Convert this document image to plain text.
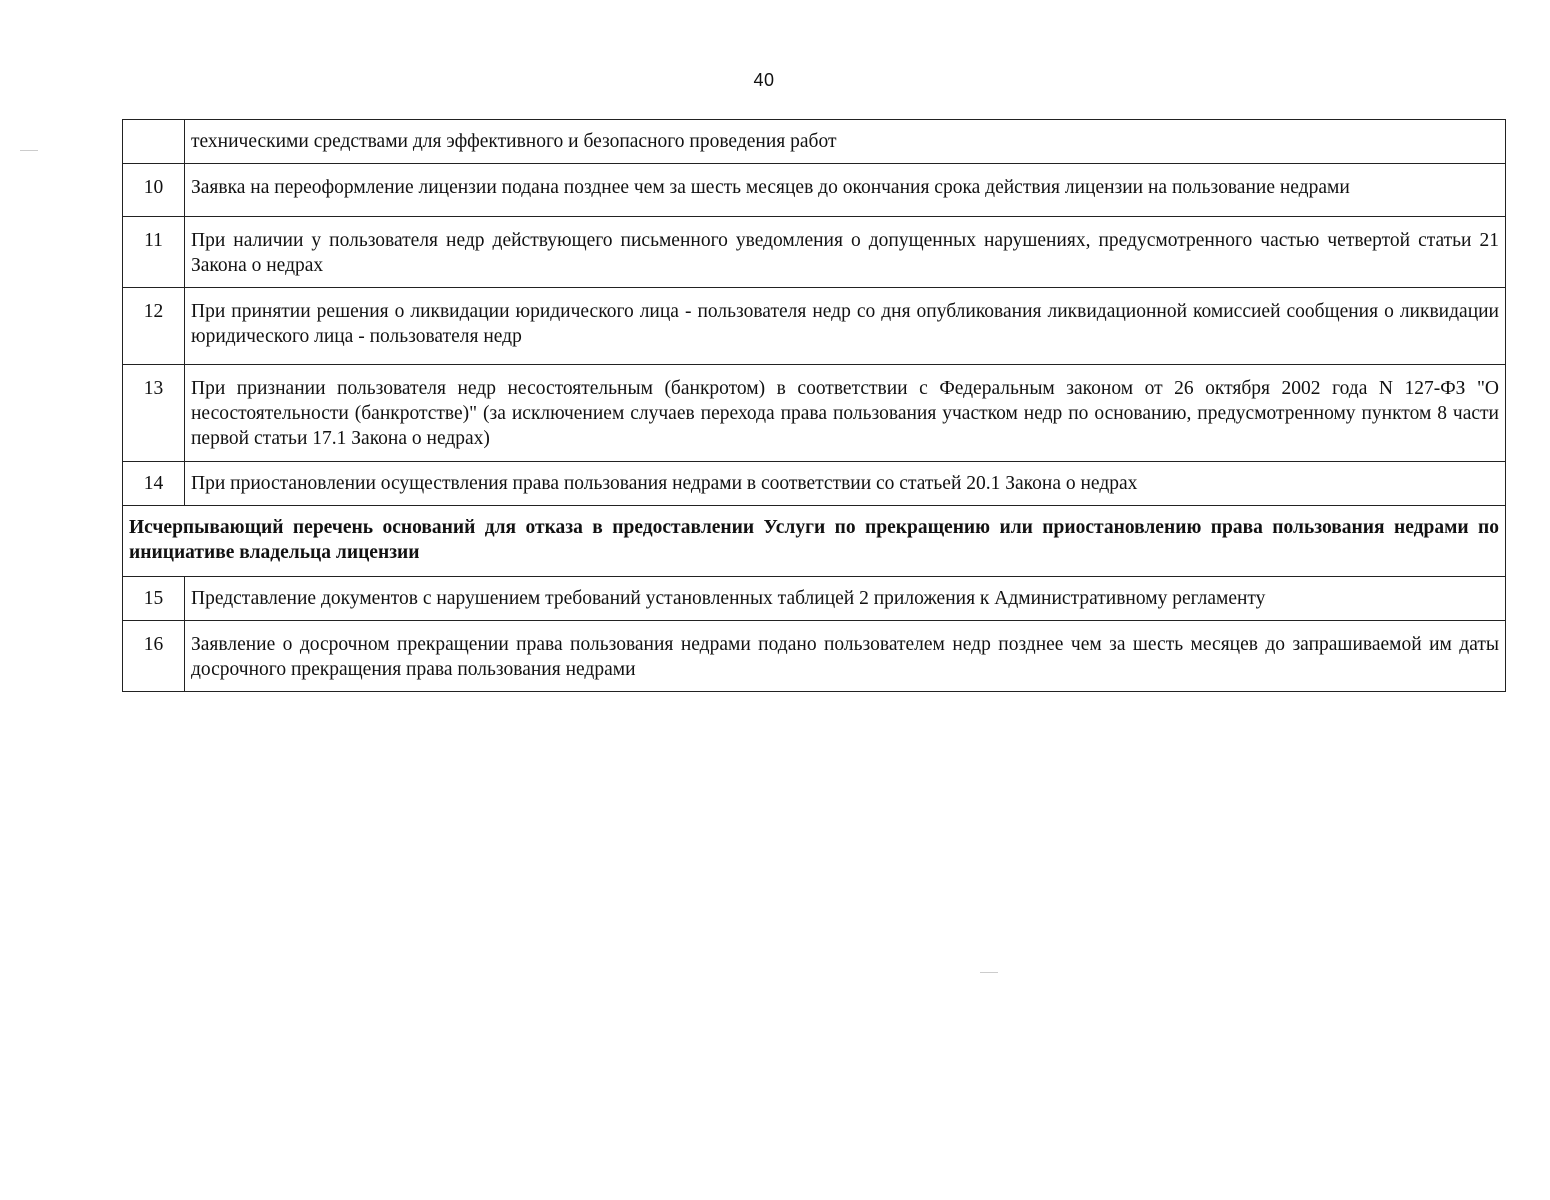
40
	техническими средствами для эффективного и безопасного проведения работ
10	Заявка на переоформление лицензии подана позднее чем за шесть месяцев до окончания срока действия лицензии на пользование недрами
11	При наличии у пользователя недр действующего письменного уведомления о допущенных нарушениях, предусмотренного частью четвертой статьи 21 Закона о недрах
12	При принятии решения о ликвидации юридического лица - пользователя недр со дня опубликования ликвидационной комиссией сообщения о ликвидации юридического лица - пользователя недр
13	При признании пользователя недр несостоятельным (банкротом) в соответствии с Федеральным законом от 26 октября 2002 года N 127-ФЗ "О несостоятельности (банкротстве)" (за исключением случаев перехода права пользования участком недр по основанию, предусмотренному пунктом 8 части первой статьи 17.1 Закона о недрах)
14	При приостановлении осуществления права пользования недрами в соответствии со статьей 20.1 Закона о недрах
Исчерпывающий перечень оснований для отказа в предоставлении Услуги по прекращению или приостановлению права пользования недрами по инициативе владельца лицензии	
15	Представление документов с нарушением требований установленных таблицей 2 приложения к Административному регламенту
16	Заявление о досрочном прекращении права пользования недрами подано пользователем недр позднее чем за шесть месяцев до запрашиваемой им даты досрочного прекращения права пользования недрами
